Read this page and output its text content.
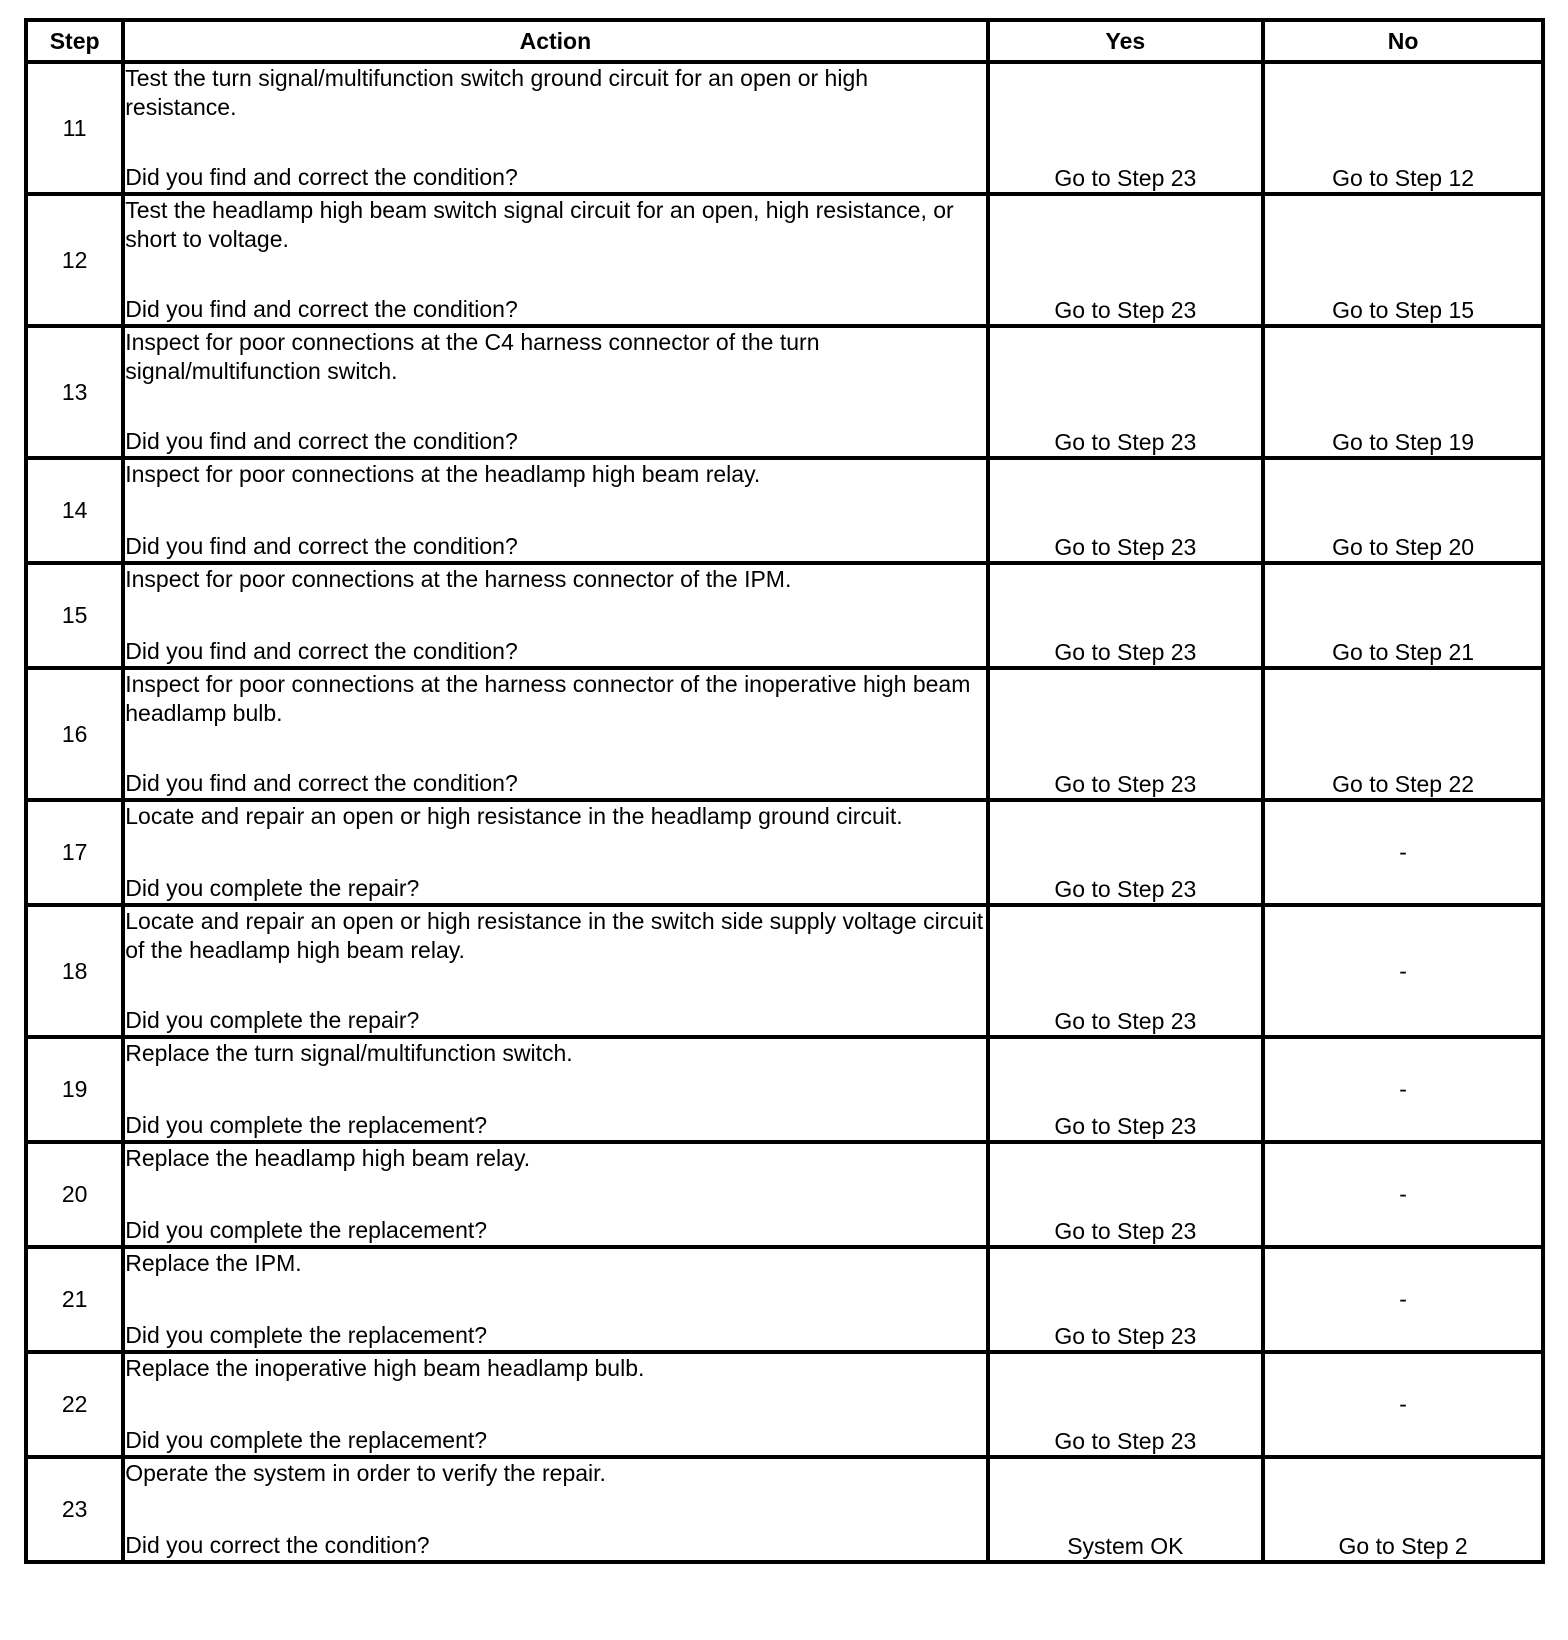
Step	Action	Yes	No
11	Test the turn signal/multifunction switch ground circuit for an open or high resistance.
Did you find and correct the condition?	Go to Step 23	Go to Step 12
12	Test the headlamp high beam switch signal circuit for an open, high resistance, or short to voltage.
Did you find and correct the condition?	Go to Step 23	Go to Step 15
13	Inspect for poor connections at the C4 harness connector of the turn signal/multifunction switch.
Did you find and correct the condition?	Go to Step 23	Go to Step 19
14	Inspect for poor connections at the headlamp high beam relay.
Did you find and correct the condition?	Go to Step 23	Go to Step 20
15	Inspect for poor connections at the harness connector of the IPM.
Did you find and correct the condition?	Go to Step 23	Go to Step 21
16	Inspect for poor connections at the harness connector of the inoperative high beam headlamp bulb.
Did you find and correct the condition?	Go to Step 23	Go to Step 22
17	Locate and repair an open or high resistance in the headlamp ground circuit.
Did you complete the repair?	Go to Step 23	-
18	Locate and repair an open or high resistance in the switch side supply voltage circuit of the headlamp high beam relay.
Did you complete the repair?	Go to Step 23	-
19	Replace the turn signal/multifunction switch.
Did you complete the replacement?	Go to Step 23	-
20	Replace the headlamp high beam relay.
Did you complete the replacement?	Go to Step 23	-
21	Replace the IPM.
Did you complete the replacement?	Go to Step 23	-
22	Replace the inoperative high beam headlamp bulb.
Did you complete the replacement?	Go to Step 23	-
23	Operate the system in order to verify the repair.
Did you correct the condition?	System OK	Go to Step 2
